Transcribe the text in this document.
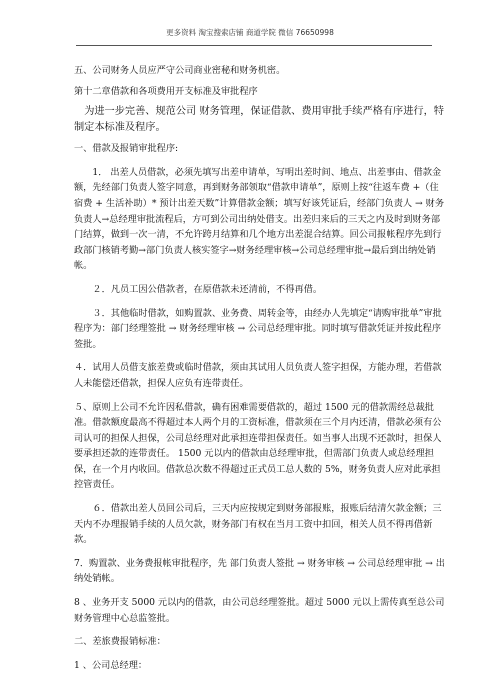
更多资料 淘宝搜索店铺 商道学院 微信 76650998

五、公司财务人员应严守公司商业密秘和财务机密。

第十二章借款和各项费用开支标准及审批程序

为进一步完善、规范公司 财务管理，保证借款、费用审批手续严格有序进行，特制定本标准及程序。

一、借款及报销审批程序:

1． 出差人员借款，必须先填写出差申请单，写明出差时间、地点、出差事由、借款金额，先经部门负责人签字同意，再到财务部领取“借款申请单”，原则上按“往返车费 +（住宿费 + 生活补助）* 预计出差天数”计算借款金额；填写好该凭证后，经部门负责人 → 财务负责人→总经理审批流程后，方可到公司出纳处借支。出差归来后的三天之内及时到财务部门结算，做到一次一清，不允许跨月结算和几个地方出差混合结算。回公司报帐程序先到行政部门核销考勤→部门负责人核实签字→财务经理审核→公司总经理审批→最后到出纳处销帐。

２．凡员工因公借款者，在原借款未还清前，不得再借。

３．其他临时借款，如购置款、业务费、周转金等，由经办人先填定“请购审批单”审批程序为：部门经理签批 → 财务经理审核 → 公司总经理审批。同时填写借款凭证并按此程序签批。

４．试用人员借支旅差费或临时借款，须由其试用人员负责人签字担保，方能办理，若借款人未能偿还借款，担保人应负有连带责任。

５、原则上公司不允许因私借款，确有困难需要借款的，超过 1500 元的借款需经总裁批准。借款额度最高不得超过本人两个月的工资标准，借款须在三个月内还清，借款必须有公司认可的担保人担保，公司总经理对此承担连带担保责任。如当事人出现不还款时，担保人要承担还款的连带责任。 1500 元以内的借款由总经理审批，但需部门负责人或总经理担保，在一个月内收回。借款总次数不得超过正式员工总人数的 5%，财务负责人应对此承担控管责任。

６．借款出差人员回公司后，三天内应按规定到财务部报账，报账后结清欠款金额；三天内不办理报销手续的人员欠款，财务部门有权在当月工资中扣回，相关人员不得再借新款。

7．购置款、业务费报帐审批程序，先 部门负责人签批 → 财务审核 → 公司总经理审批 → 出纳处销帐。

8 、业务开支 5000 元以内的借款，由公司总经理签批。超过 5000 元以上需传真至总公司财务管理中心总监签批。

二、差旅费报销标准：

1 、公司总经理：
